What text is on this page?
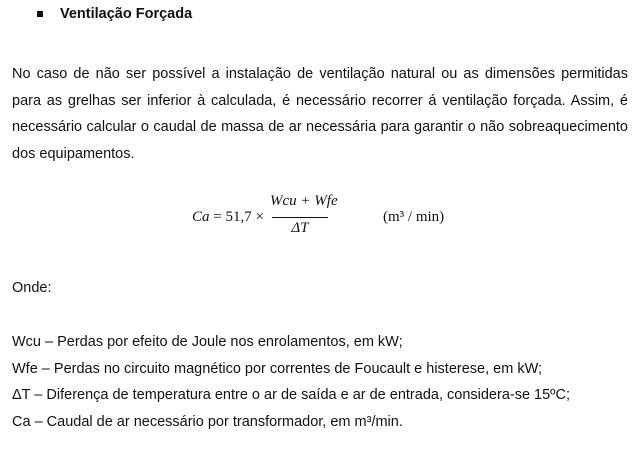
Ventilação Forçada
No caso de não ser possível a instalação de ventilação natural ou as dimensões permitidas para as grelhas ser inferior à calculada, é necessário recorrer á ventilação forçada. Assim, é necessário calcular o caudal de massa de ar necessária para garantir o não sobreaquecimento dos equipamentos.
Ca = 51,7 ×
Wcu + Wfe
ΔT
(m³ / min)
Onde:
Wcu – Perdas por efeito de Joule nos enrolamentos, em kW;
Wfe – Perdas no circuito magnético por correntes de Foucault e histerese, em kW;
ΔT – Diferença de temperatura entre o ar de saída e ar de entrada, considera-se 15ºC;
Ca – Caudal de ar necessário por transformador, em m³/min.
